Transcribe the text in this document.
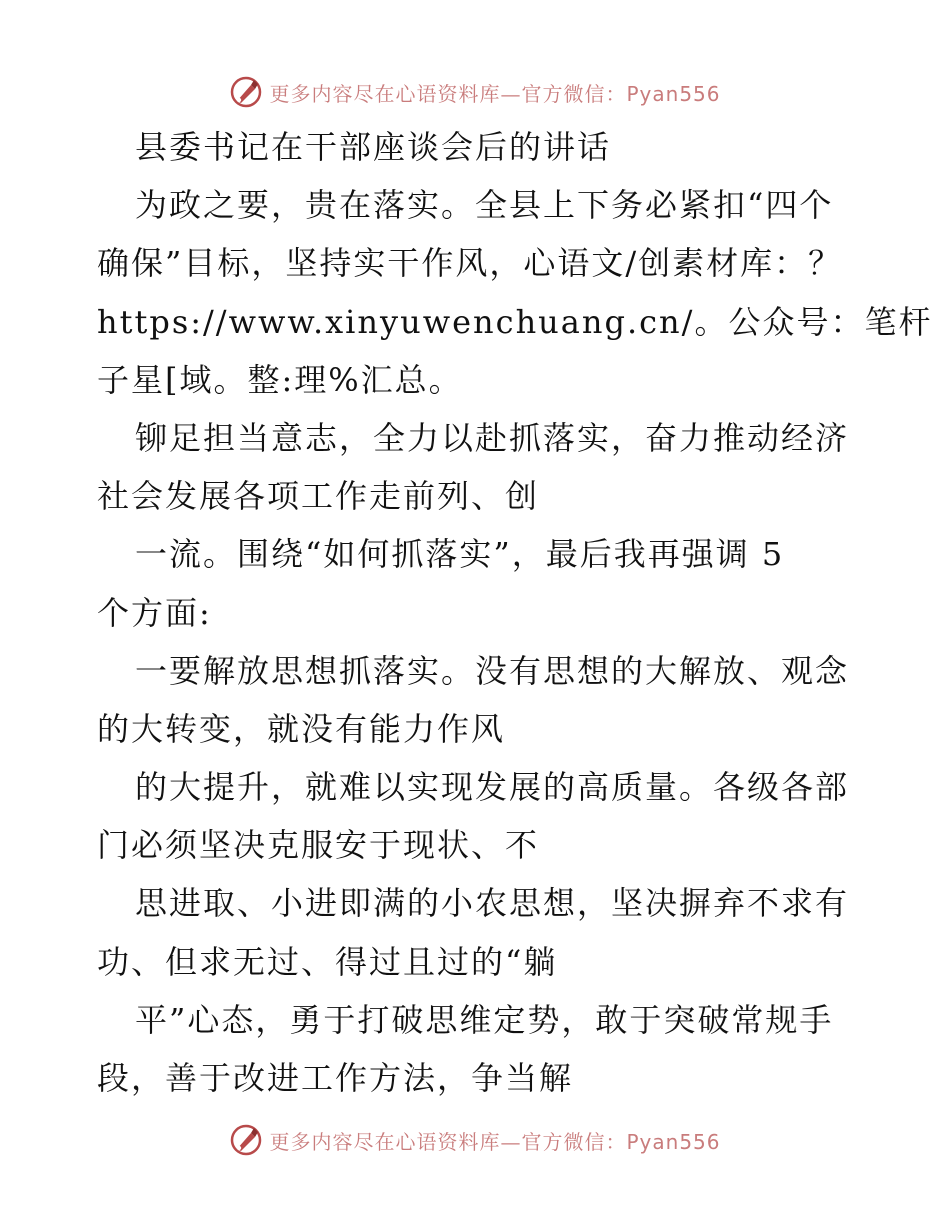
更多内容尽在心语资料库—官方微信：Pyan556
县委书记在干部座谈会后的讲话
为政之要，贵在落实。全县上下务必紧扣“四个
确保”目标，坚持实干作风，心语文/创素材库：？
https://www.xinyuwenchuang.cn/。公众号：笔杆
子星[域。整:理%汇总。
铆足担当意志，全力以赴抓落实，奋力推动经济
社会发展各项工作走前列、创
一流。围绕“如何抓落实”，最后我再强调 5
个方面:
一要解放思想抓落实。没有思想的大解放、观念
的大转变，就没有能力作风
的大提升，就难以实现发展的高质量。各级各部
门必须坚决克服安于现状、不
思进取、小进即满的小农思想，坚决摒弃不求有
功、但求无过、得过且过的“躺
平”心态，勇于打破思维定势，敢于突破常规手
段，善于改进工作方法，争当解
更多内容尽在心语资料库—官方微信：Pyan556
